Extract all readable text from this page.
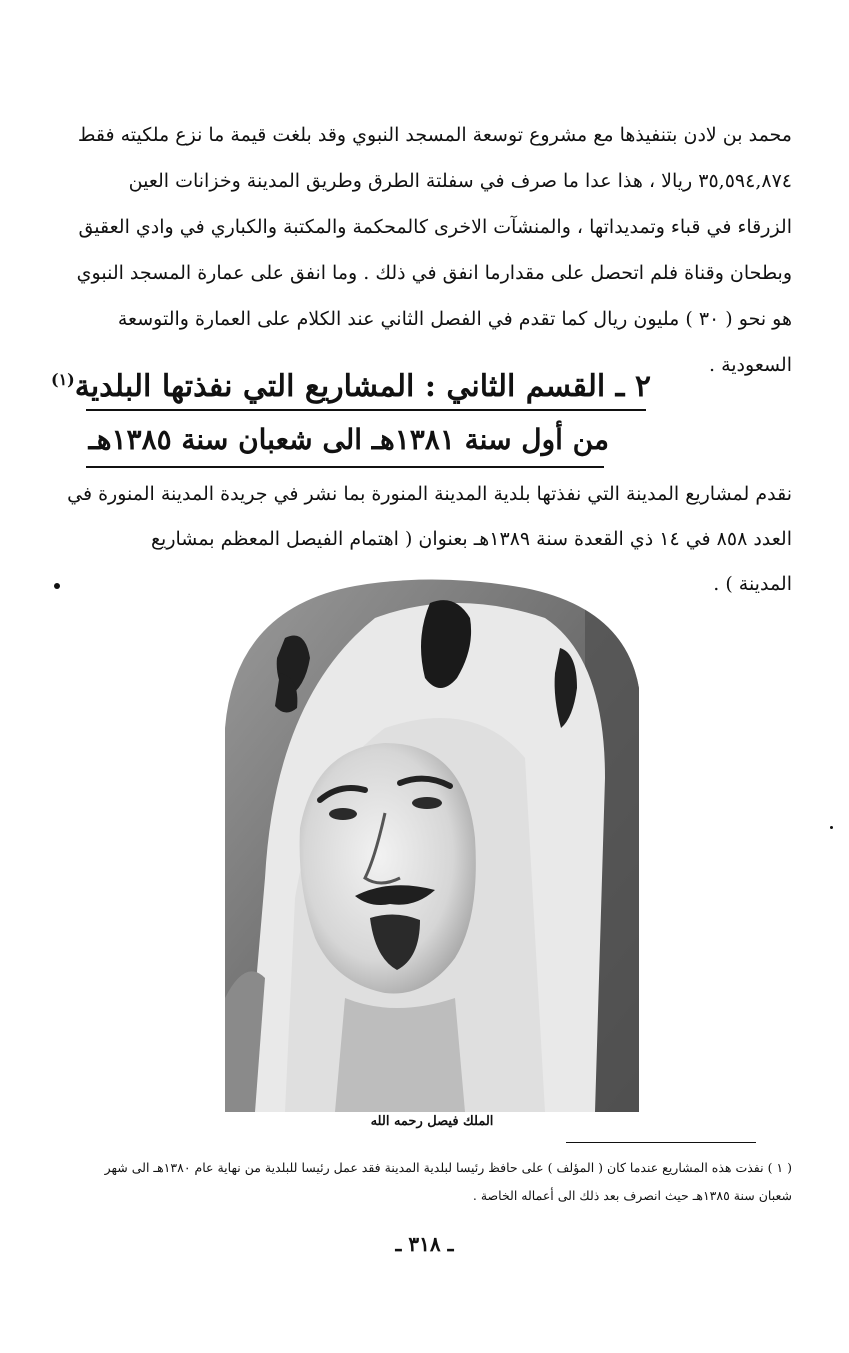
محمد بن لادن بتنفيذها مع مشروع توسعة المسجد النبوي وقد بلغت قيمة ما نزع ملكيته فقط
٣٥,٥٩٤,٨٧٤ ريالا ، هذا عدا ما صرف في سفلتة الطرق وطريق المدينة وخزانات العين
الزرقاء في قباء وتمديداتها ، والمنشآت الاخرى كالمحكمة والمكتبة والكباري في وادي العقيق
وبطحان وقناة فلم اتحصل على مقدارما انفق في ذلك . وما انفق على عمارة المسجد النبوي
هو نحو ( ٣٠ ) مليون ريال كما تقدم في الفصل الثاني عند الكلام على العمارة والتوسعة
السعودية .
٢ ـ القسم الثاني : المشاريع التي نفذتها البلدية$^{(١)}$
من أول سنة ١٣٨١هـ الى شعبان سنة ١٣٨٥هـ
نقدم لمشاريع المدينة التي نفذتها بلدية المدينة المنورة بما نشر في جريدة المدينة المنورة في
العدد ٨٥٨ في ١٤ ذي القعدة سنة ١٣٨٩هـ بعنوان ( اهتمام الفيصل المعظم بمشاريع
المدينة ) .
الملك فيصل رحمه الله
( ١ ) نفذت هذه المشاريع عندما كان ( المؤلف ) على حافظ رئيسا لبلدية المدينة فقد عمل رئيسا للبلدية من نهاية عام ١٣٨٠هـ الى شهر
شعبان سنة ١٣٨٥هـ حيث انصرف بعد ذلك الى أعماله الخاصة .
ـ ٣١٨ ـ
